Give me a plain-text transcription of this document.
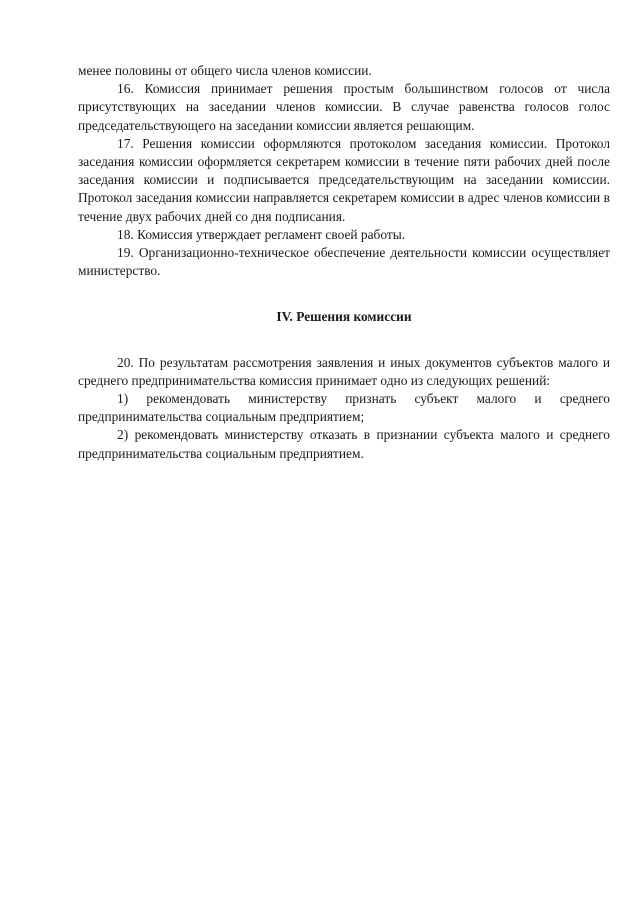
менее половины от общего числа членов комиссии.

16. Комиссия принимает решения простым большинством голосов от числа присутствующих на заседании членов комиссии. В случае равенства голосов голос председательствующего на заседании комиссии является решающим.

17. Решения комиссии оформляются протоколом заседания комиссии. Протокол заседания комиссии оформляется секретарем комиссии в течение пяти рабочих дней после заседания комиссии и подписывается председательствующим на заседании комиссии. Протокол заседания комиссии направляется секретарем комиссии в адрес членов комиссии в течение двух рабочих дней со дня подписания.

18. Комиссия утверждает регламент своей работы.

19. Организационно-техническое обеспечение деятельности комиссии осуществляет министерство.

IV. Решения комиссии

20. По результатам рассмотрения заявления и иных документов субъектов малого и среднего предпринимательства комиссия принимает одно из следующих решений:

1) рекомендовать министерству признать субъект малого и среднего предпринимательства социальным предприятием;

2) рекомендовать министерству отказать в признании субъекта малого и среднего предпринимательства социальным предприятием.
